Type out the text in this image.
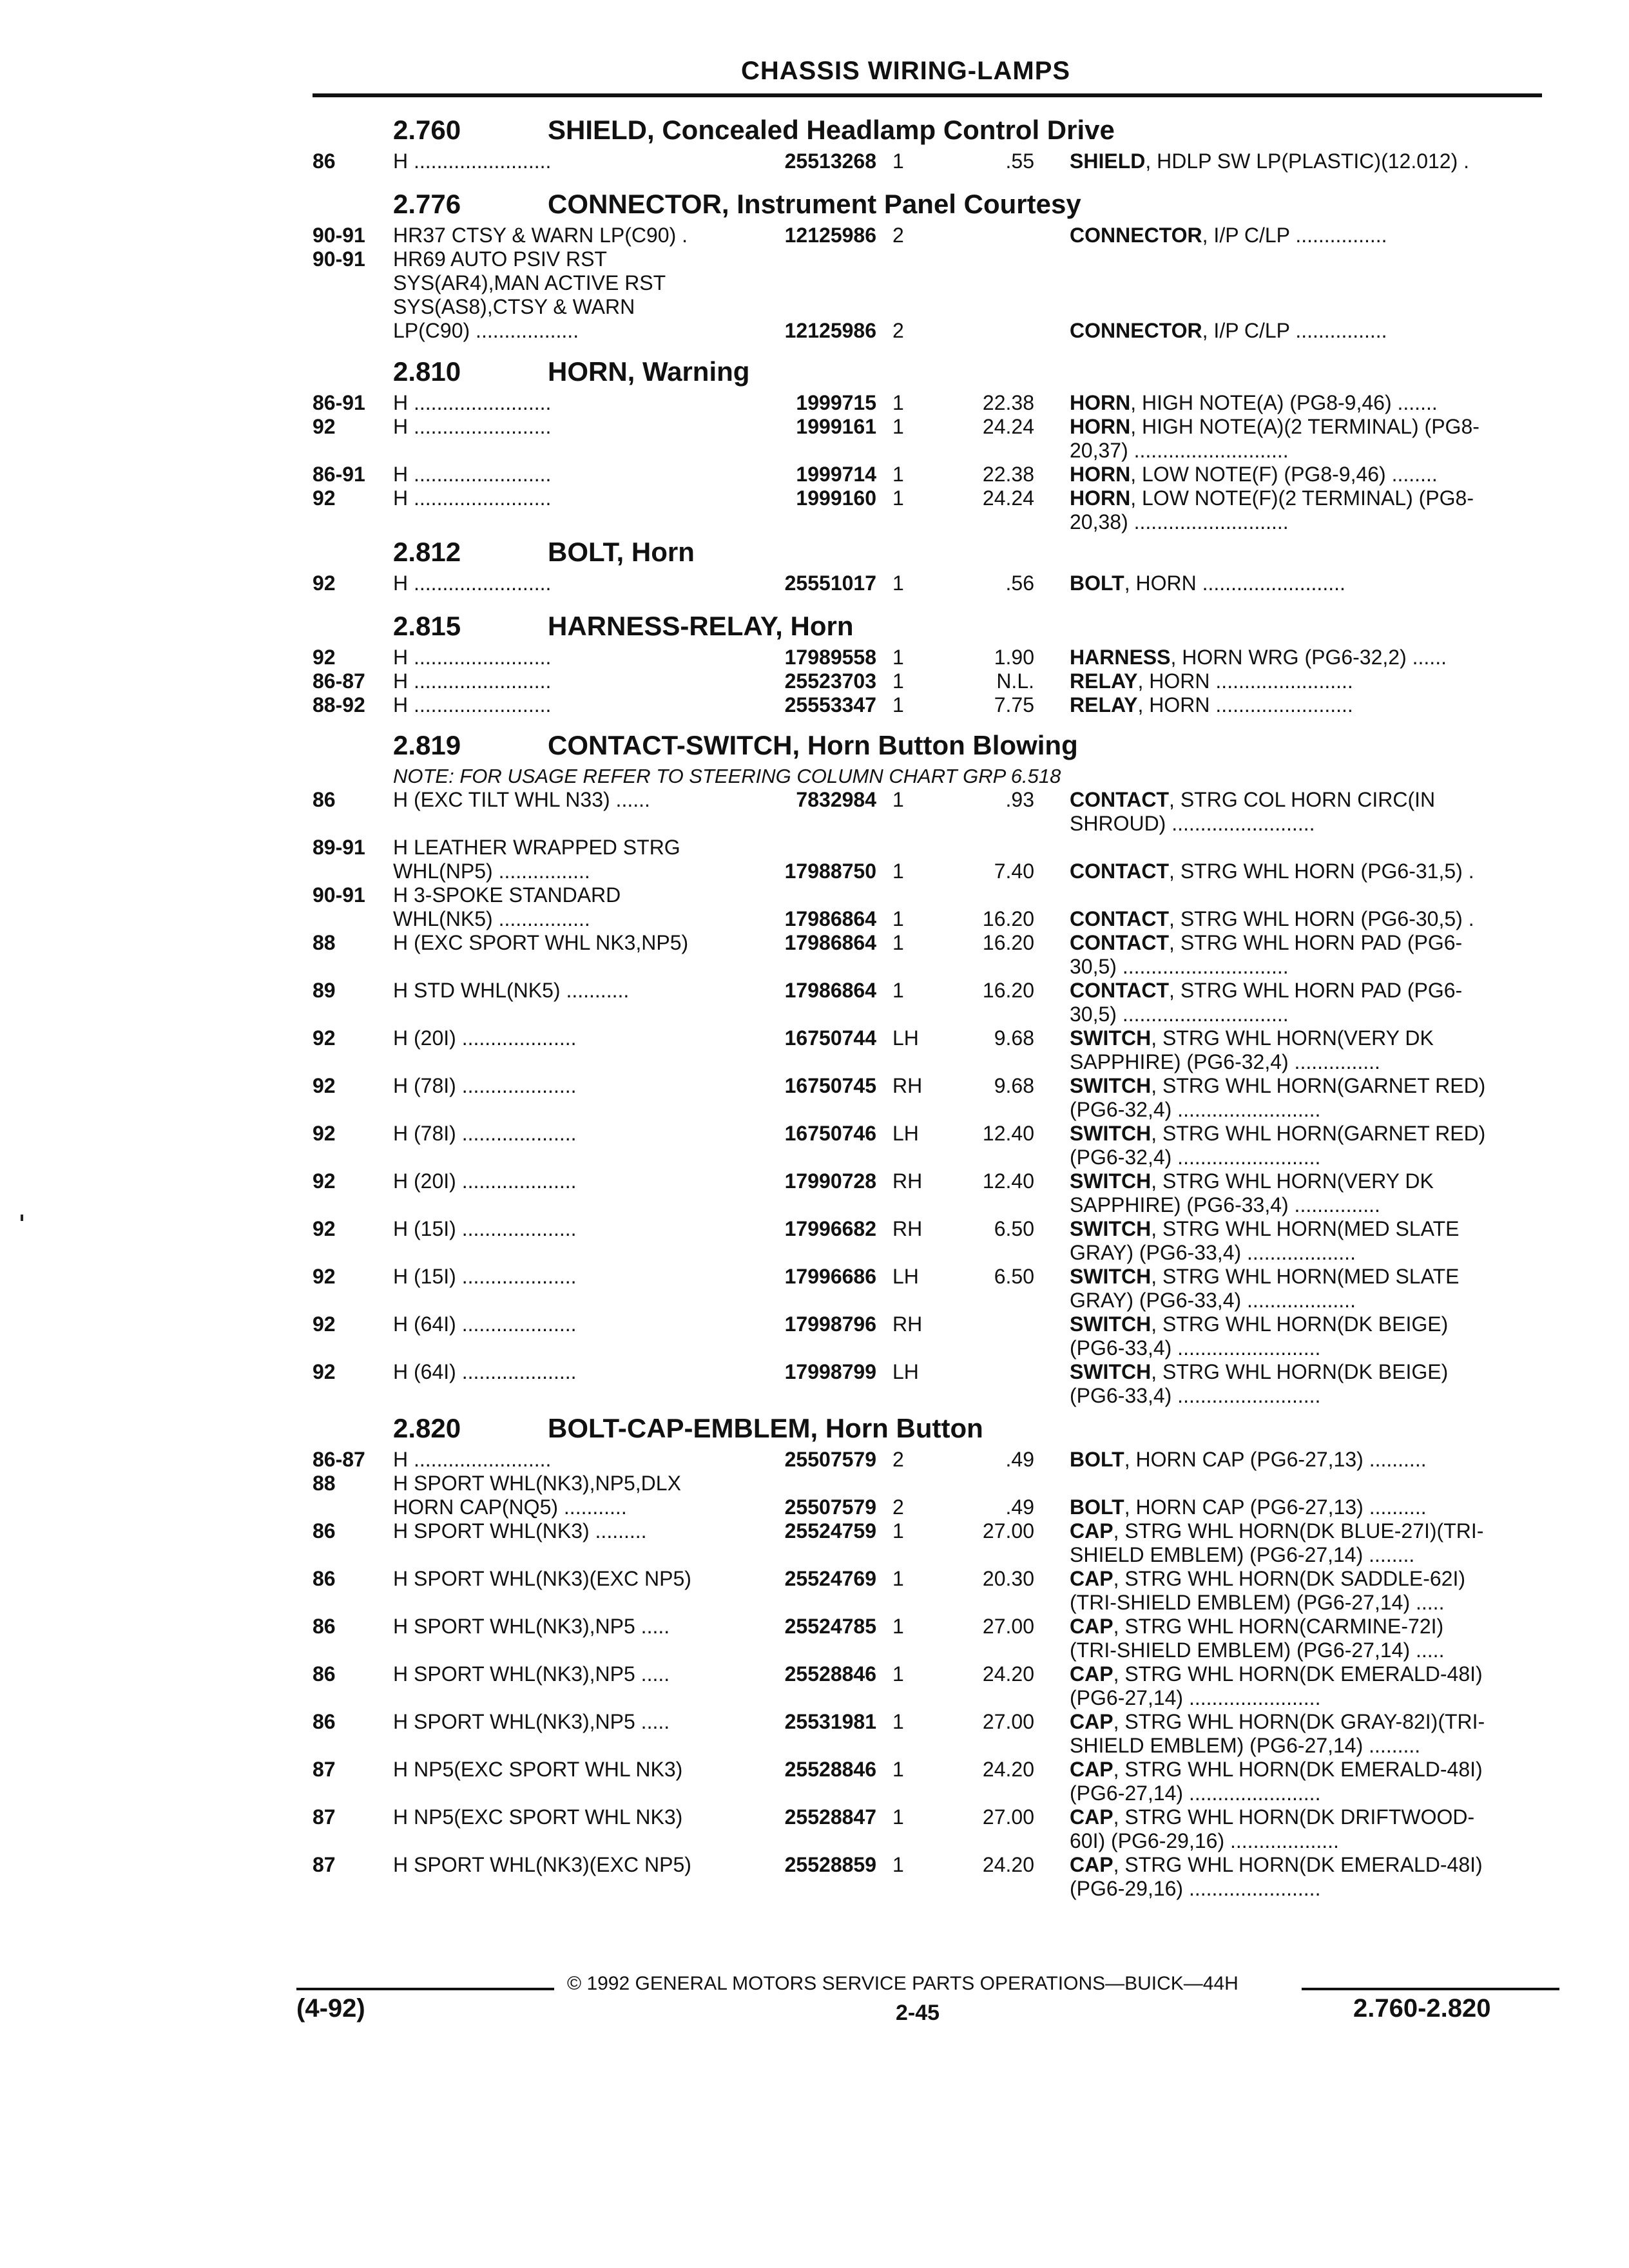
CHASSIS WIRING-LAMPS
2.760	SHIELD, Concealed Headlamp Control Drive
86	H ........................	25513268 1	.55 SHIELD, HDLP SW LP(PLASTIC)(12.012) .
2.776	CONNECTOR, Instrument Panel Courtesy
90-91 HR37 CTSY & WARN LP(C90) .	12125986 2	CONNECTOR, I/P C/LP ................
90-91 HR69 AUTO PSIV RST
SYS(AR4),MAN ACTIVE RST
SYS(AS8),CTSY & WARN
LP(C90) ..................	12125986 2	CONNECTOR, I/P C/LP ................
2.810	HORN, Warning
86-91 H ........................	1999715 1	22.38 HORN, HIGH NOTE(A) (PG8-9,46) .......
92	H ........................	1999161 1	24.24 HORN, HIGH NOTE(A)(2 TERMINAL) (PG8-
20,37) ...........................
86-91 H ........................	1999714 1	22.38 HORN, LOW NOTE(F) (PG8-9,46) ........
92	H ........................	1999160 1	24.24 HORN, LOW NOTE(F)(2 TERMINAL) (PG8-
20,38) ...........................
2.812	BOLT, Horn
92	H ........................	25551017 1	.56 BOLT, HORN .........................
2.815	HARNESS-RELAY, Horn
92	H ........................	17989558 1	1.90 HARNESS, HORN WRG (PG6-32,2) ......
86-87 H ........................	25523703 1	N.L. RELAY, HORN ........................
88-92 H ........................	25553347 1	7.75 RELAY, HORN ........................
2.819	CONTACT-SWITCH, Horn Button Blowing
NOTE: FOR USAGE REFER TO STEERING COLUMN CHART GRP 6.518
86	H (EXC TILT WHL N33) ......	7832984 1	.93 CONTACT, STRG COL HORN CIRC(IN
SHROUD) .........................
89-91 H LEATHER WRAPPED STRG
WHL(NP5) ................	17988750 1	7.40 CONTACT, STRG WHL HORN (PG6-31,5) .
90-91 H 3-SPOKE STANDARD
WHL(NK5) ................	17986864 1	16.20 CONTACT, STRG WHL HORN (PG6-30,5) .
88	H (EXC SPORT WHL NK3,NP5)	17986864 1	16.20 CONTACT, STRG WHL HORN PAD (PG6-
30,5) .............................
89	H STD WHL(NK5) ...........	17986864 1	16.20 CONTACT, STRG WHL HORN PAD (PG6-
30,5) .............................
92	H (20I) ....................	16750744 LH	9.68 SWITCH, STRG WHL HORN(VERY DK
SAPPHIRE) (PG6-32,4) ...............
92	H (78I) ....................	16750745 RH	9.68 SWITCH, STRG WHL HORN(GARNET RED)
(PG6-32,4) .........................
92	H (78I) ....................	16750746 LH	12.40 SWITCH, STRG WHL HORN(GARNET RED)
(PG6-32,4) .........................
92	H (20I) ....................	17990728 RH	12.40 SWITCH, STRG WHL HORN(VERY DK
SAPPHIRE) (PG6-33,4) ...............
92	H (15I) ....................	17996682 RH	6.50 SWITCH, STRG WHL HORN(MED SLATE
GRAY) (PG6-33,4) ...................
92	H (15I) ....................	17996686 LH	6.50 SWITCH, STRG WHL HORN(MED SLATE
GRAY) (PG6-33,4) ...................
92	H (64I) ....................	17998796 RH	SWITCH, STRG WHL HORN(DK BEIGE)
(PG6-33,4) .........................
92	H (64I) ....................	17998799 LH	SWITCH, STRG WHL HORN(DK BEIGE)
(PG6-33,4) .........................
2.820	BOLT-CAP-EMBLEM, Horn Button
86-87 H ........................	25507579 2	.49 BOLT, HORN CAP (PG6-27,13) ..........
88	H SPORT WHL(NK3),NP5,DLX
HORN CAP(NQ5) ...........	25507579 2	.49 BOLT, HORN CAP (PG6-27,13) ..........
86	H SPORT WHL(NK3) .........	25524759 1	27.00 CAP, STRG WHL HORN(DK BLUE-27I)(TRI-
SHIELD EMBLEM) (PG6-27,14) ........
86	H SPORT WHL(NK3)(EXC NP5)	25524769 1	20.30 CAP, STRG WHL HORN(DK SADDLE-62I)
(TRI-SHIELD EMBLEM) (PG6-27,14) .....
86	H SPORT WHL(NK3),NP5 .....	25524785 1	27.00 CAP, STRG WHL HORN(CARMINE-72I)
(TRI-SHIELD EMBLEM) (PG6-27,14) .....
86	H SPORT WHL(NK3),NP5 .....	25528846 1	24.20 CAP, STRG WHL HORN(DK EMERALD-48I)
(PG6-27,14) .......................
86	H SPORT WHL(NK3),NP5 .....	25531981 1	27.00 CAP, STRG WHL HORN(DK GRAY-82I)(TRI-
SHIELD EMBLEM) (PG6-27,14) .........
87	H NP5(EXC SPORT WHL NK3)	25528846 1	24.20 CAP, STRG WHL HORN(DK EMERALD-48I)
(PG6-27,14) .......................
87	H NP5(EXC SPORT WHL NK3)	25528847 1	27.00 CAP, STRG WHL HORN(DK DRIFTWOOD-
60I) (PG6-29,16) ...................
87	H SPORT WHL(NK3)(EXC NP5)	25528859 1	24.20 CAP, STRG WHL HORN(DK EMERALD-48I)
(PG6-29,16) .......................
© 1992 GENERAL MOTORS SERVICE PARTS OPERATIONS—BUICK—44H
(4-92)	2-45	2.760-2.820
